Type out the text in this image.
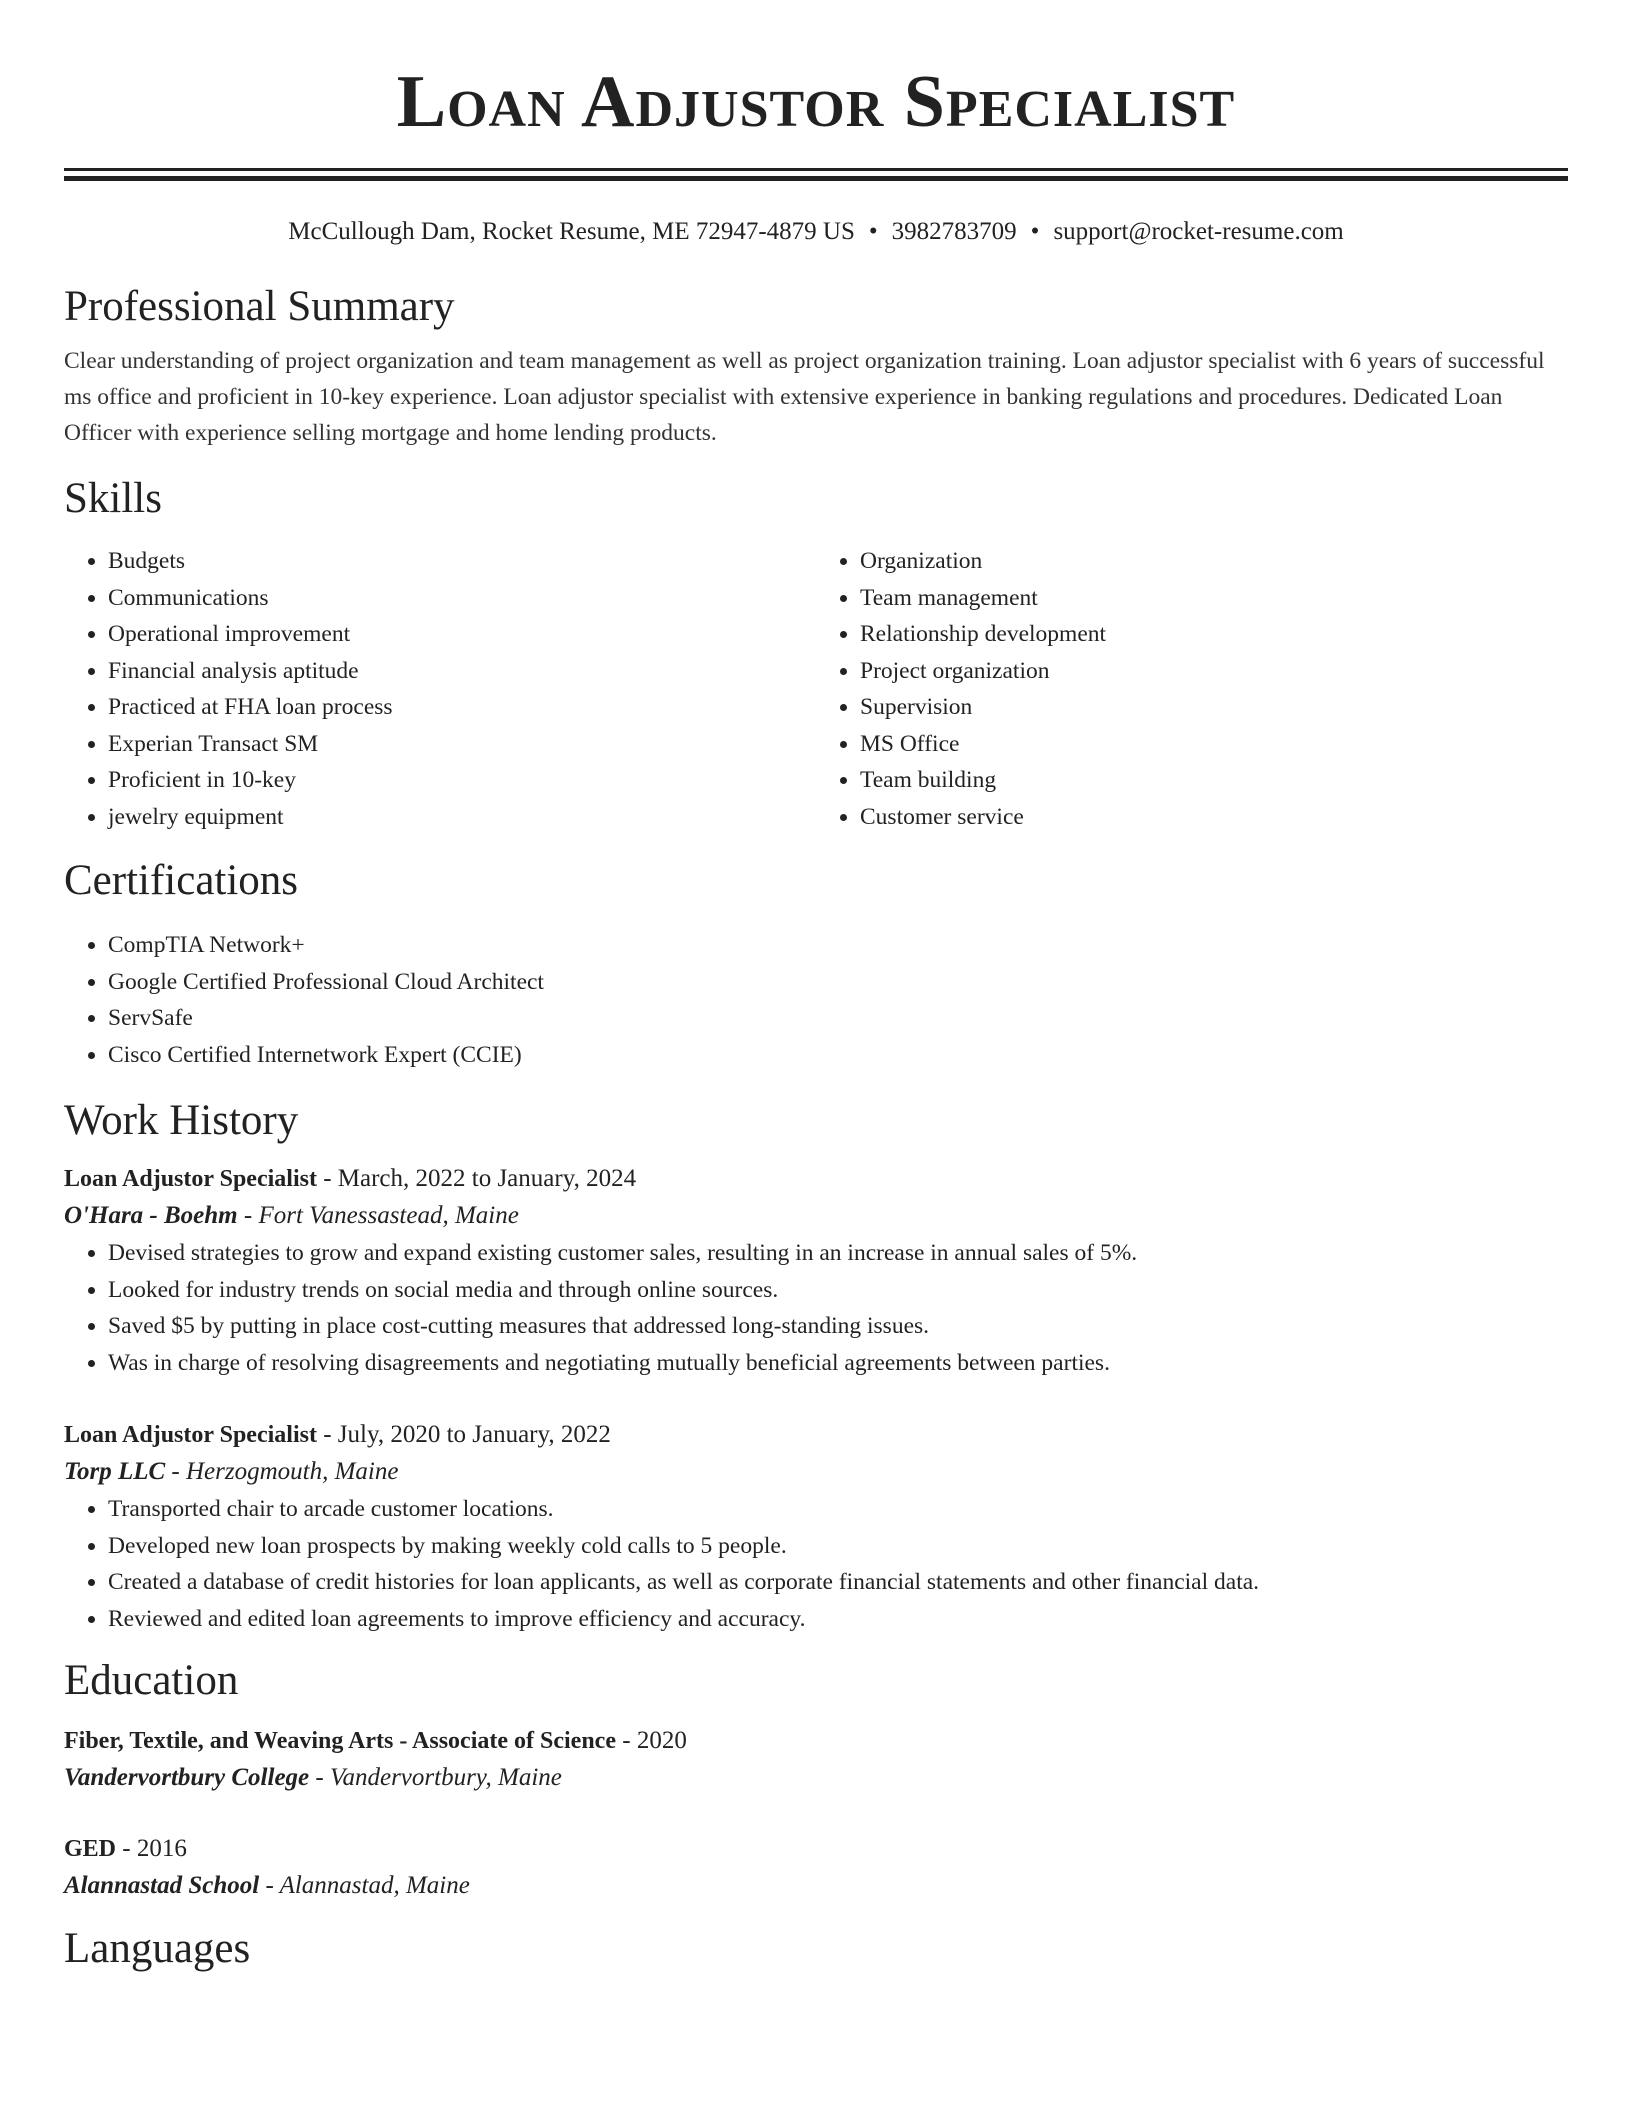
Loan Adjustor Specialist
McCullough Dam, Rocket Resume, ME 72947-4879 US • 3982783709 • support@rocket-resume.com
Professional Summary

Clear understanding of project organization and team management as well as project organization training. Loan adjustor specialist with 6 years of successful ms office and proficient in 10-key experience. Loan adjustor specialist with extensive experience in banking regulations and procedures. Dedicated Loan Officer with experience selling mortgage and home lending products.

Skills
• Budgets
• Communications
• Operational improvement
• Financial analysis aptitude
• Practiced at FHA loan process
• Experian Transact SM
• Proficient in 10-key
• jewelry equipment
• Organization
• Team management
• Relationship development
• Project organization
• Supervision
• MS Office
• Team building
• Customer service
Certifications
• CompTIA Network+
• Google Certified Professional Cloud Architect
• ServSafe
• Cisco Certified Internetwork Expert (CCIE)
Work History
Loan Adjustor Specialist - March, 2022 to January, 2024
O'Hara - Boehm - Fort Vanessastead, Maine
• Devised strategies to grow and expand existing customer sales, resulting in an increase in annual sales of 5%.
• Looked for industry trends on social media and through online sources.
• Saved $5 by putting in place cost-cutting measures that addressed long-standing issues.
• Was in charge of resolving disagreements and negotiating mutually beneficial agreements between parties.
Loan Adjustor Specialist - July, 2020 to January, 2022
Torp LLC - Herzogmouth, Maine
• Transported chair to arcade customer locations.
• Developed new loan prospects by making weekly cold calls to 5 people.
• Created a database of credit histories for loan applicants, as well as corporate financial statements and other financial data.
• Reviewed and edited loan agreements to improve efficiency and accuracy.
Education
Fiber, Textile, and Weaving Arts - Associate of Science - 2020
Vandervortbury College - Vandervortbury, Maine
GED - 2016
Alannastad School - Alannastad, Maine
Languages
